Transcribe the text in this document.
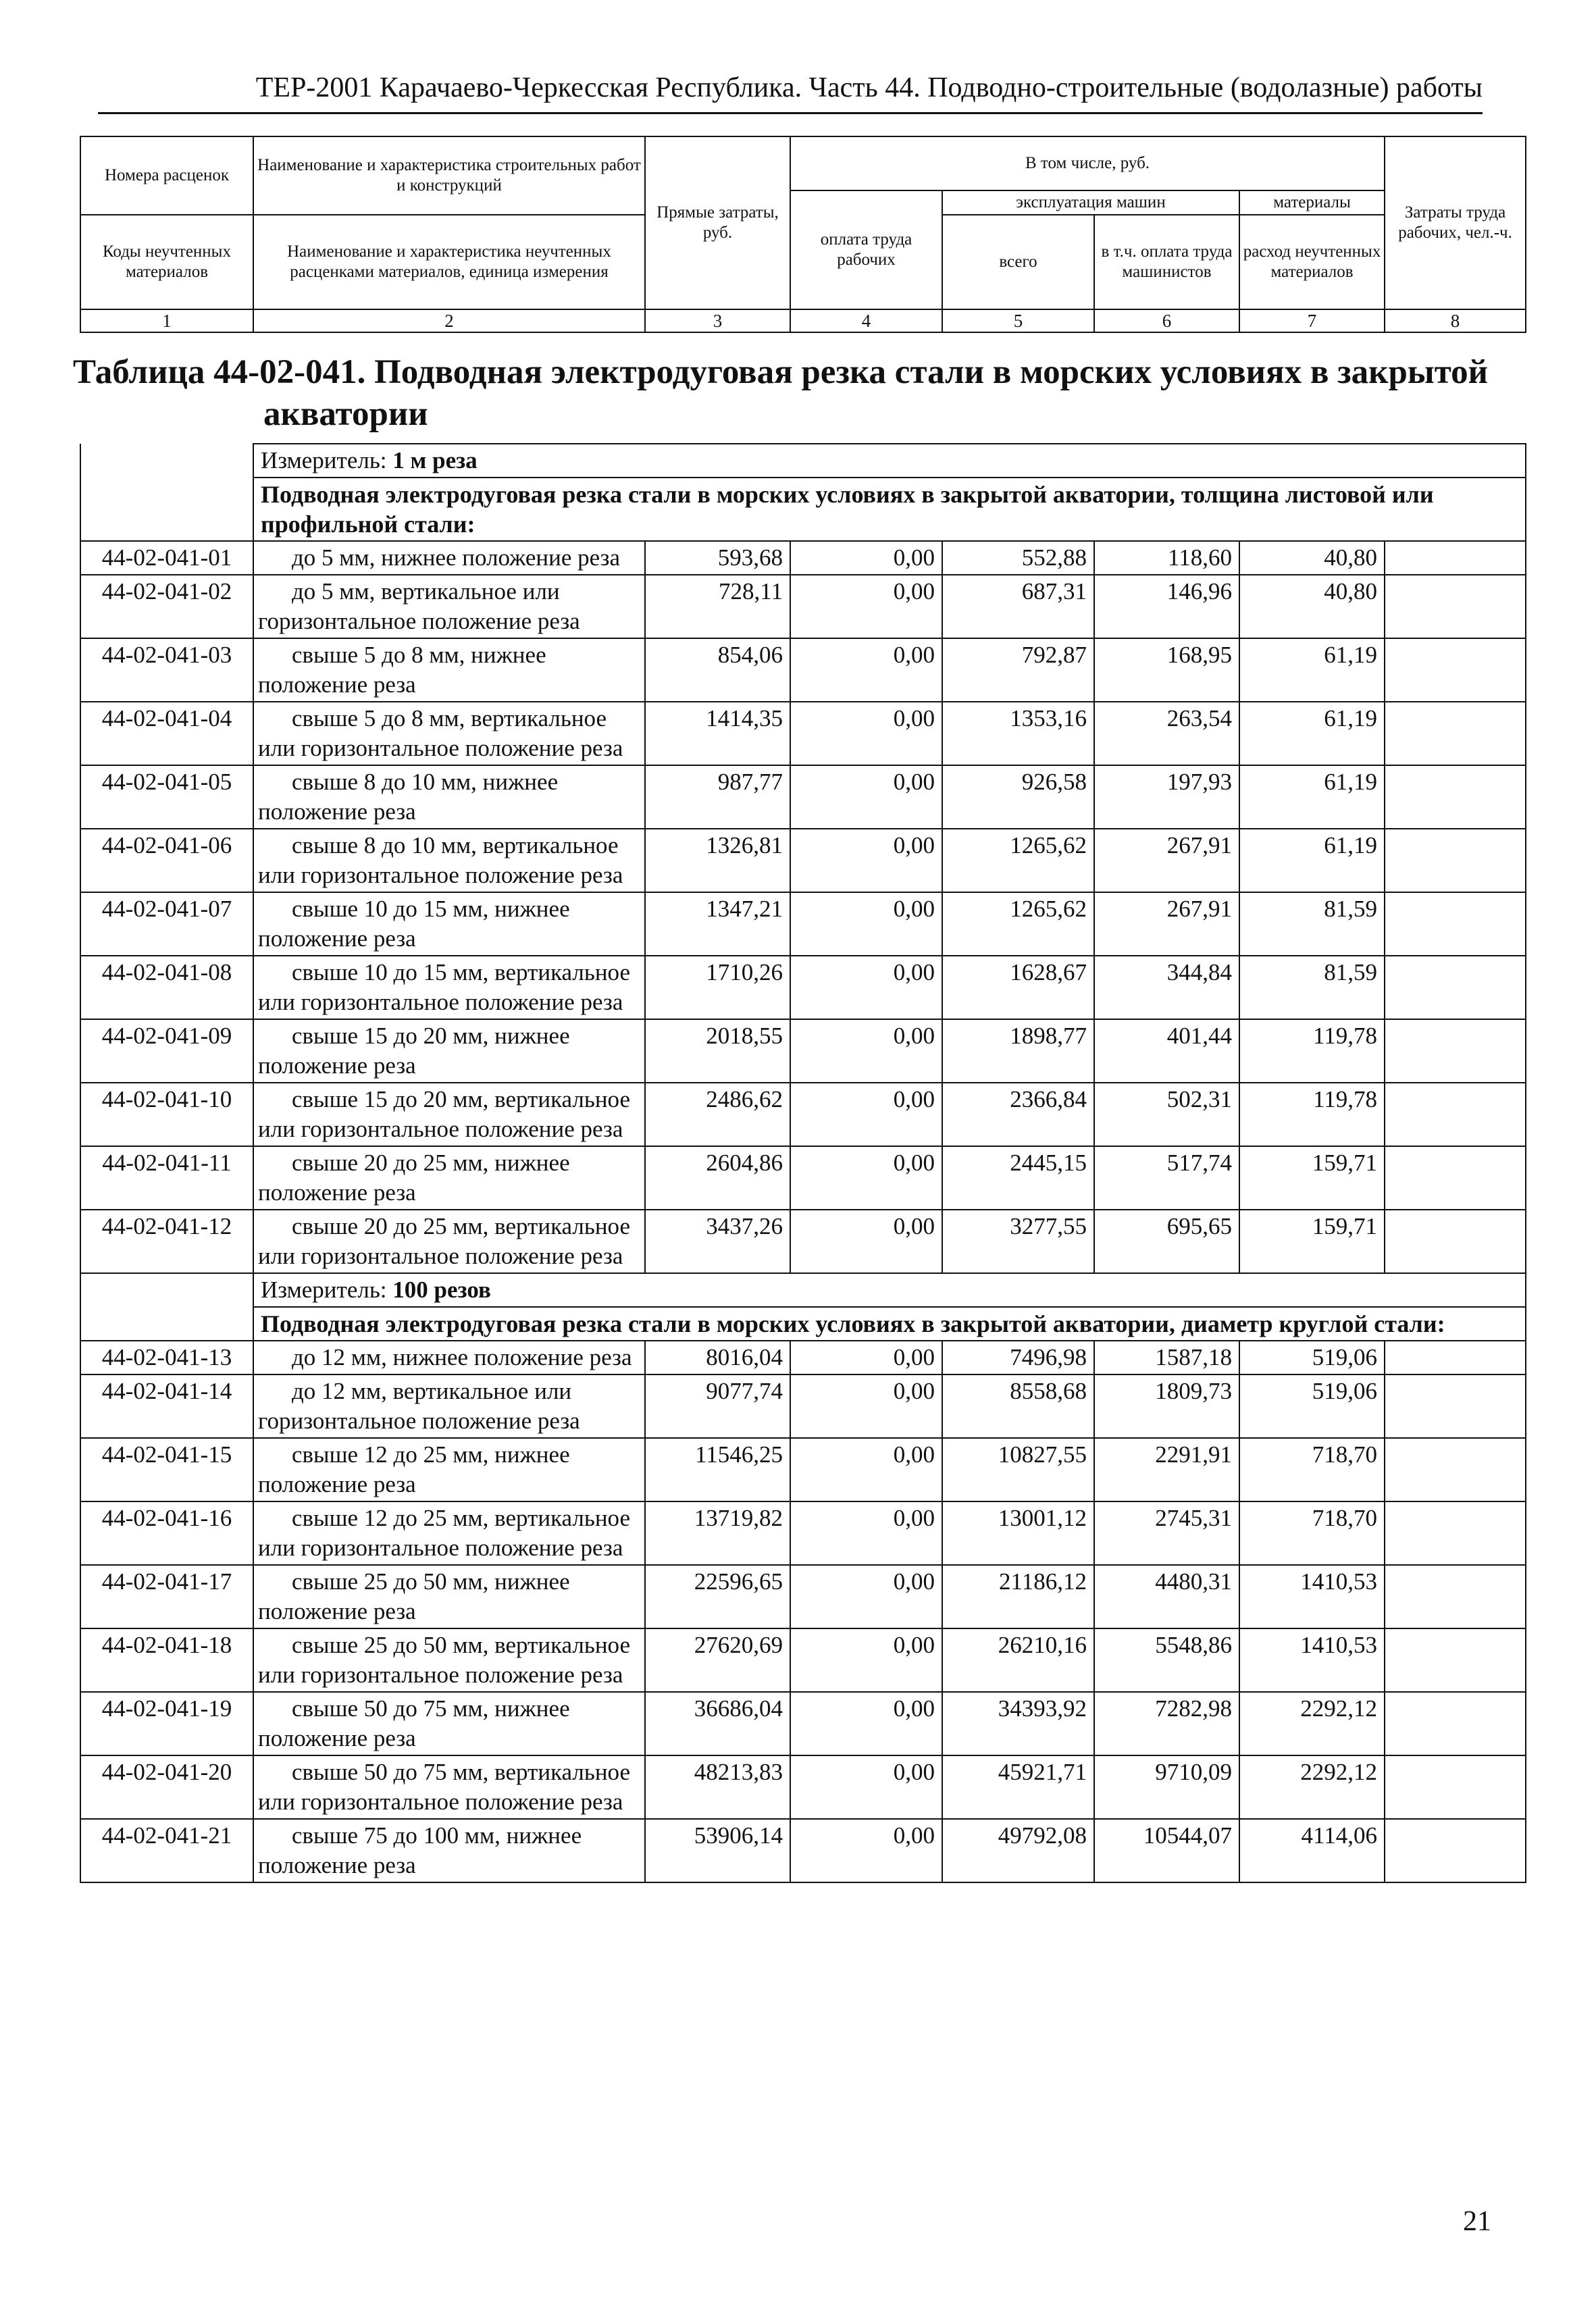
ТЕР-2001 Карачаево-Черкесская Республика. Часть 44. Подводно-строительные (водолазные) работы
Номера расценок	Наименование и характеристика строительных работ и конструкций	Прямые затраты, руб.	В том числе, руб.				Затраты труда рабочих, чел.-ч.
			оплата труда рабочих	эксплуатация машин		материалы	
Коды неучтенных материалов	Наименование и характеристика неучтенных расценками материалов, единица измерения			всего	в т.ч. оплата труда машинистов	расход неучтенных материалов	

1	2	3	4	5	6	7	8
Таблица 44-02-041. Подводная электродуговая резка стали в морских условиях в закрытой
акватории
	Измеритель: 1 м реза						
	Подводная электродуговая резка стали в морских условиях в закрытой акватории, толщина листовой или профильной стали:						
44-02-041-01	до 5 мм, нижнее положение реза	593,68	0,00	552,88	118,60	40,80	
44-02-041-02	до 5 мм, вертикальное или горизонтальное положение реза	728,11	0,00	687,31	146,96	40,80	
44-02-041-03	свыше 5 до 8 мм, нижнее положение реза	854,06	0,00	792,87	168,95	61,19	
44-02-041-04	свыше 5 до 8 мм, вертикальное или горизонтальное положение реза	1414,35	0,00	1353,16	263,54	61,19	
44-02-041-05	свыше 8 до 10 мм, нижнее положение реза	987,77	0,00	926,58	197,93	61,19	
44-02-041-06	свыше 8 до 10 мм, вертикальное или горизонтальное положение реза	1326,81	0,00	1265,62	267,91	61,19	
44-02-041-07	свыше 10 до 15 мм, нижнее положение реза	1347,21	0,00	1265,62	267,91	81,59	
44-02-041-08	свыше 10 до 15 мм, вертикальное или горизонтальное положение реза	1710,26	0,00	1628,67	344,84	81,59	
44-02-041-09	свыше 15 до 20 мм, нижнее положение реза	2018,55	0,00	1898,77	401,44	119,78	
44-02-041-10	свыше 15 до 20 мм, вертикальное или горизонтальное положение реза	2486,62	0,00	2366,84	502,31	119,78	
44-02-041-11	свыше 20 до 25 мм, нижнее положение реза	2604,86	0,00	2445,15	517,74	159,71	
44-02-041-12	свыше 20 до 25 мм, вертикальное или горизонтальное положение реза	3437,26	0,00	3277,55	695,65	159,71	
	Измеритель: 100 резов						
	Подводная электродуговая резка стали в морских условиях в закрытой акватории, диаметр круглой стали:						
44-02-041-13	до 12 мм, нижнее положение реза	8016,04	0,00	7496,98	1587,18	519,06	
44-02-041-14	до 12 мм, вертикальное или горизонтальное положение реза	9077,74	0,00	8558,68	1809,73	519,06	
44-02-041-15	свыше 12 до 25 мм, нижнее положение реза	11546,25	0,00	10827,55	2291,91	718,70	
44-02-041-16	свыше 12 до 25 мм, вертикальное или горизонтальное положение реза	13719,82	0,00	13001,12	2745,31	718,70	
44-02-041-17	свыше 25 до 50 мм, нижнее положение реза	22596,65	0,00	21186,12	4480,31	1410,53	
44-02-041-18	свыше 25 до 50 мм, вертикальное или горизонтальное положение реза	27620,69	0,00	26210,16	5548,86	1410,53	
44-02-041-19	свыше 50 до 75 мм, нижнее положение реза	36686,04	0,00	34393,92	7282,98	2292,12	
44-02-041-20	свыше 50 до 75 мм, вертикальное или горизонтальное положение реза	48213,83	0,00	45921,71	9710,09	2292,12	
44-02-041-21	свыше 75 до 100 мм, нижнее положение реза	53906,14	0,00	49792,08	10544,07	4114,06	
21
